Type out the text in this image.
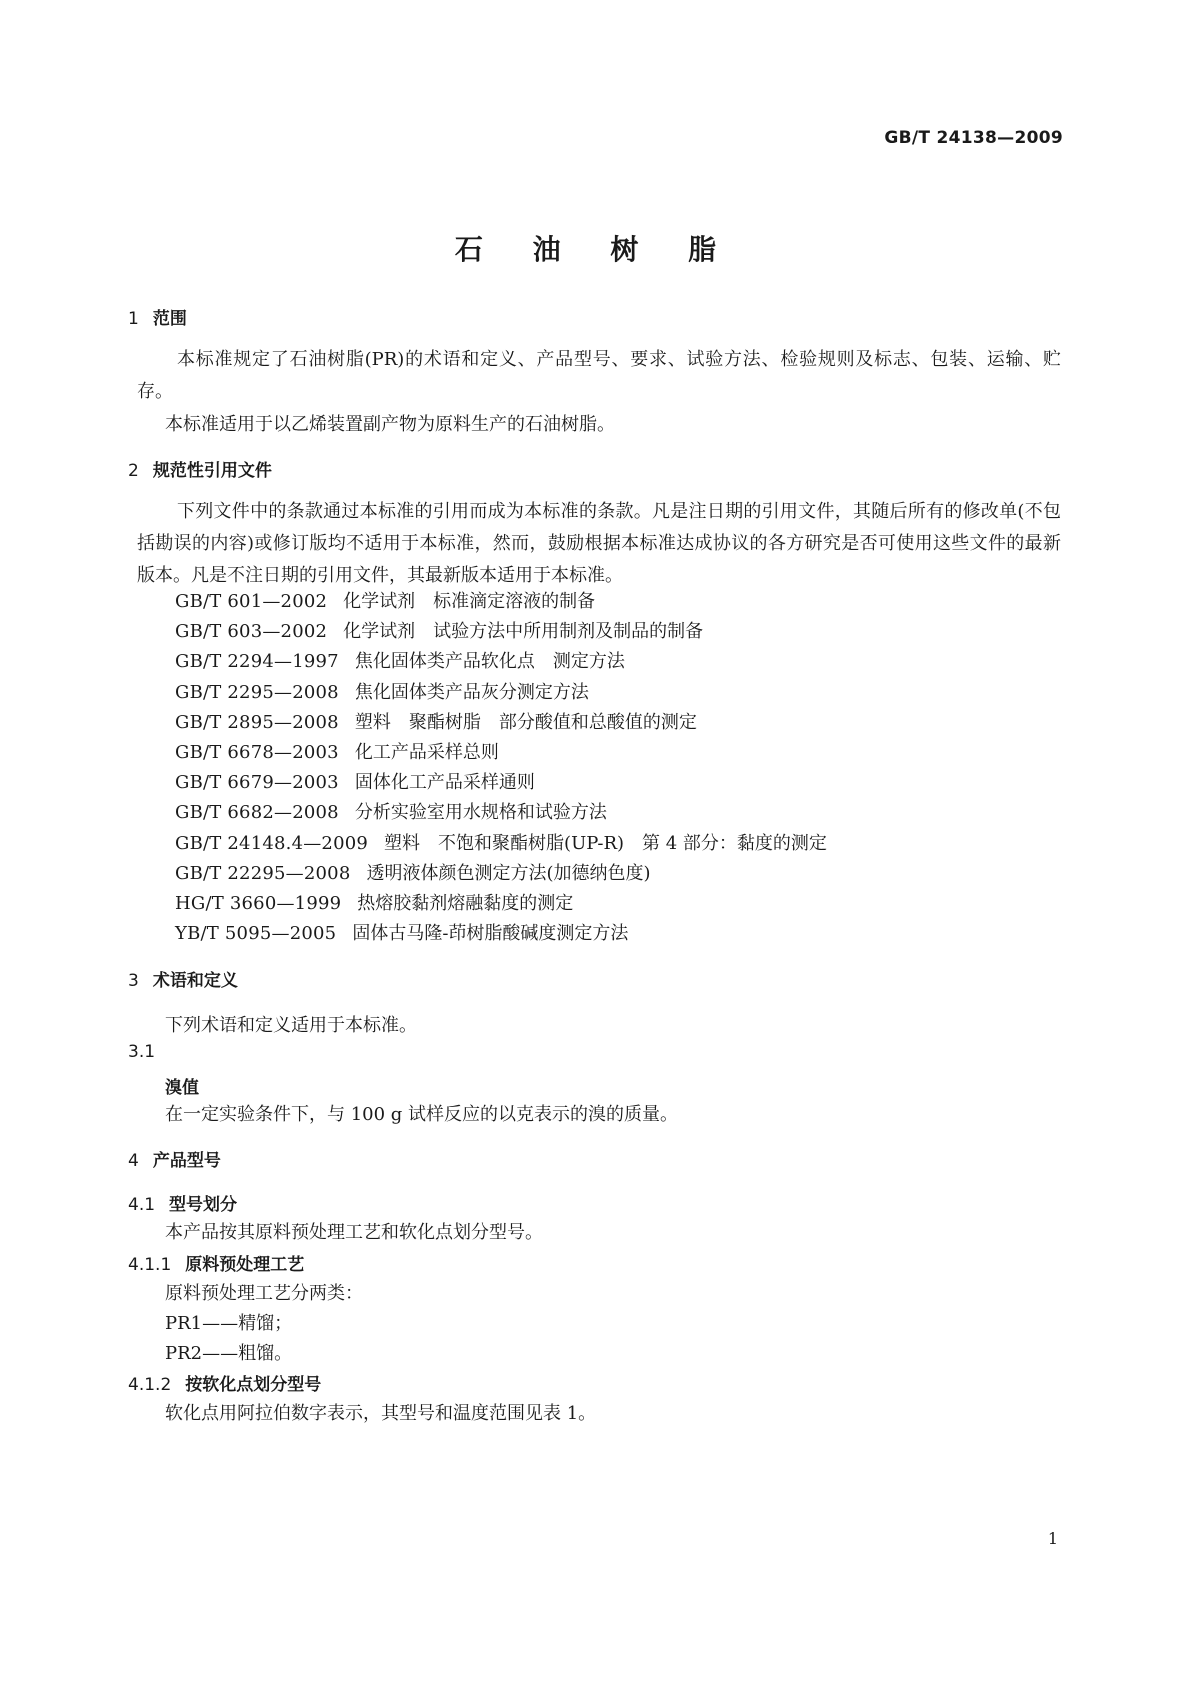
GB/T 24138—2009
石 油 树 脂
1 范围
本标准规定了石油树脂(PR)的术语和定义、产品型号、要求、试验方法、检验规则及标志、包装、运输、贮存。
本标准适用于以乙烯装置副产物为原料生产的石油树脂。
2 规范性引用文件
下列文件中的条款通过本标准的引用而成为本标准的条款。凡是注日期的引用文件，其随后所有的修改单(不包括勘误的内容)或修订版均不适用于本标准，然而，鼓励根据本标准达成协议的各方研究是否可使用这些文件的最新版本。凡是不注日期的引用文件，其最新版本适用于本标准。
GB/T 601—2002 化学试剂　标准滴定溶液的制备
GB/T 603—2002 化学试剂　试验方法中所用制剂及制品的制备
GB/T 2294—1997 焦化固体类产品软化点　测定方法
GB/T 2295—2008 焦化固体类产品灰分测定方法
GB/T 2895—2008 塑料　聚酯树脂　部分酸值和总酸值的测定
GB/T 6678—2003 化工产品采样总则
GB/T 6679—2003 固体化工产品采样通则
GB/T 6682—2008 分析实验室用水规格和试验方法
GB/T 24148.4—2009 塑料　不饱和聚酯树脂(UP-R)　第 4 部分：黏度的测定
GB/T 22295—2008 透明液体颜色测定方法(加德纳色度)
HG/T 3660—1999 热熔胶黏剂熔融黏度的测定
YB/T 5095—2005 固体古马隆-茚树脂酸碱度测定方法
3 术语和定义
下列术语和定义适用于本标准。
3.1
溴值
在一定实验条件下，与 100 g 试样反应的以克表示的溴的质量。
4 产品型号
4.1 型号划分
本产品按其原料预处理工艺和软化点划分型号。
4.1.1 原料预处理工艺
原料预处理工艺分两类：
PR1——精馏；
PR2——粗馏。
4.1.2 按软化点划分型号
软化点用阿拉伯数字表示，其型号和温度范围见表 1。
1
